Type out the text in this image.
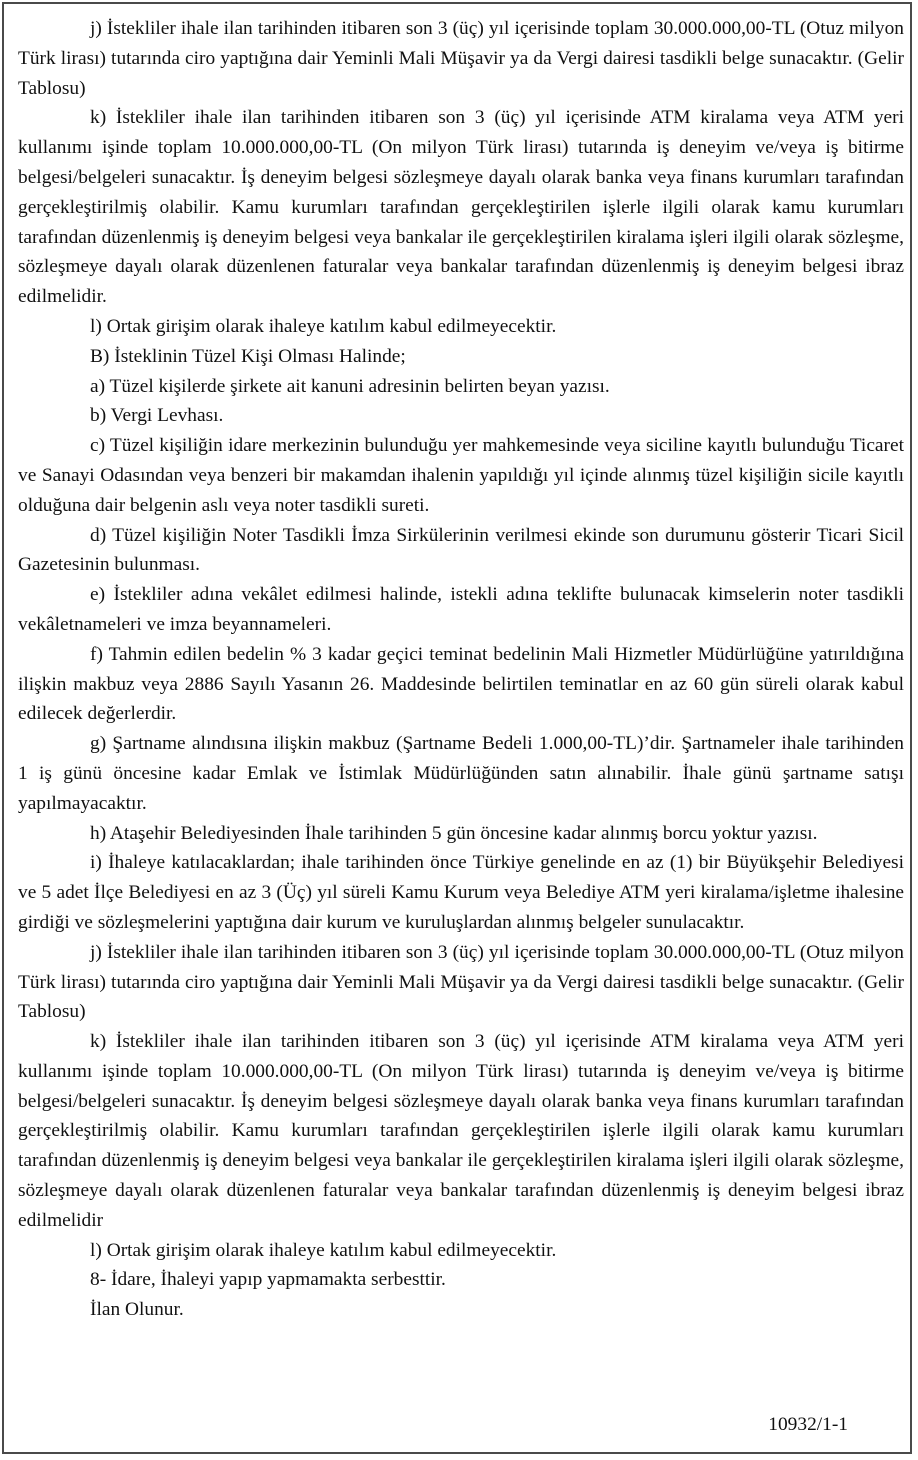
j) İstekliler ihale ilan tarihinden itibaren son 3 (üç) yıl içerisinde toplam 30.000.000,00-TL (Otuz milyon Türk lirası) tutarında ciro yaptığına dair Yeminli Mali Müşavir ya da Vergi dairesi tasdikli belge sunacaktır. (Gelir Tablosu)

k) İstekliler ihale ilan tarihinden itibaren son 3 (üç) yıl içerisinde ATM kiralama veya ATM yeri kullanımı işinde toplam 10.000.000,00-TL (On milyon Türk lirası) tutarında iş deneyim ve/veya iş bitirme belgesi/belgeleri sunacaktır. İş deneyim belgesi sözleşmeye dayalı olarak banka veya finans kurumları tarafından gerçekleştirilmiş olabilir. Kamu kurumları tarafından gerçekleştirilen işlerle ilgili olarak kamu kurumları tarafından düzenlenmiş iş deneyim belgesi veya bankalar ile gerçekleştirilen kiralama işleri ilgili olarak sözleşme, sözleşmeye dayalı olarak düzenlenen faturalar veya bankalar tarafından düzenlenmiş iş deneyim belgesi ibraz edilmelidir.

l) Ortak girişim olarak ihaleye katılım kabul edilmeyecektir.

B) İsteklinin Tüzel Kişi Olması Halinde;

a) Tüzel kişilerde şirkete ait kanuni adresinin belirten beyan yazısı.

b) Vergi Levhası.

c) Tüzel kişiliğin idare merkezinin bulunduğu yer mahkemesinde veya siciline kayıtlı bulunduğu Ticaret ve Sanayi Odasından veya benzeri bir makamdan ihalenin yapıldığı yıl içinde alınmış tüzel kişiliğin sicile kayıtlı olduğuna dair belgenin aslı veya noter tasdikli sureti.

d) Tüzel kişiliğin Noter Tasdikli İmza Sirkülerinin verilmesi ekinde son durumunu gösterir Ticari Sicil Gazetesinin bulunması.

e) İstekliler adına vekâlet edilmesi halinde, istekli adına teklifte bulunacak kimselerin noter tasdikli vekâletnameleri ve imza beyannameleri.

f) Tahmin edilen bedelin % 3 kadar geçici teminat bedelinin Mali Hizmetler Müdürlüğüne yatırıldığına ilişkin makbuz veya 2886 Sayılı Yasanın 26. Maddesinde belirtilen teminatlar en az 60 gün süreli olarak kabul edilecek değerlerdir.

g) Şartname alındısına ilişkin makbuz (Şartname Bedeli 1.000,00-TL)’dir. Şartnameler ihale tarihinden 1 iş günü öncesine kadar Emlak ve İstimlak Müdürlüğünden satın alınabilir. İhale günü şartname satışı yapılmayacaktır.

h) Ataşehir Belediyesinden İhale tarihinden 5 gün öncesine kadar alınmış borcu yoktur yazısı.

i) İhaleye katılacaklardan; ihale tarihinden önce Türkiye genelinde en az (1) bir Büyükşehir Belediyesi ve 5 adet İlçe Belediyesi en az 3 (Üç) yıl süreli Kamu Kurum veya Belediye ATM yeri kiralama/işletme ihalesine girdiği ve sözleşmelerini yaptığına dair kurum ve kuruluşlardan alınmış belgeler sunulacaktır.

j) İstekliler ihale ilan tarihinden itibaren son 3 (üç) yıl içerisinde toplam 30.000.000,00-TL (Otuz milyon Türk lirası) tutarında ciro yaptığına dair Yeminli Mali Müşavir ya da Vergi dairesi tasdikli belge sunacaktır. (Gelir Tablosu)

k) İstekliler ihale ilan tarihinden itibaren son 3 (üç) yıl içerisinde ATM kiralama veya ATM yeri kullanımı işinde toplam 10.000.000,00-TL (On milyon Türk lirası) tutarında iş deneyim ve/veya iş bitirme belgesi/belgeleri sunacaktır. İş deneyim belgesi sözleşmeye dayalı olarak banka veya finans kurumları tarafından gerçekleştirilmiş olabilir. Kamu kurumları tarafından gerçekleştirilen işlerle ilgili olarak kamu kurumları tarafından düzenlenmiş iş deneyim belgesi veya bankalar ile gerçekleştirilen kiralama işleri ilgili olarak sözleşme, sözleşmeye dayalı olarak düzenlenen faturalar veya bankalar tarafından düzenlenmiş iş deneyim belgesi ibraz edilmelidir

l) Ortak girişim olarak ihaleye katılım kabul edilmeyecektir.

8- İdare, İhaleyi yapıp yapmamakta serbesttir.

İlan Olunur.

10932/1-1
